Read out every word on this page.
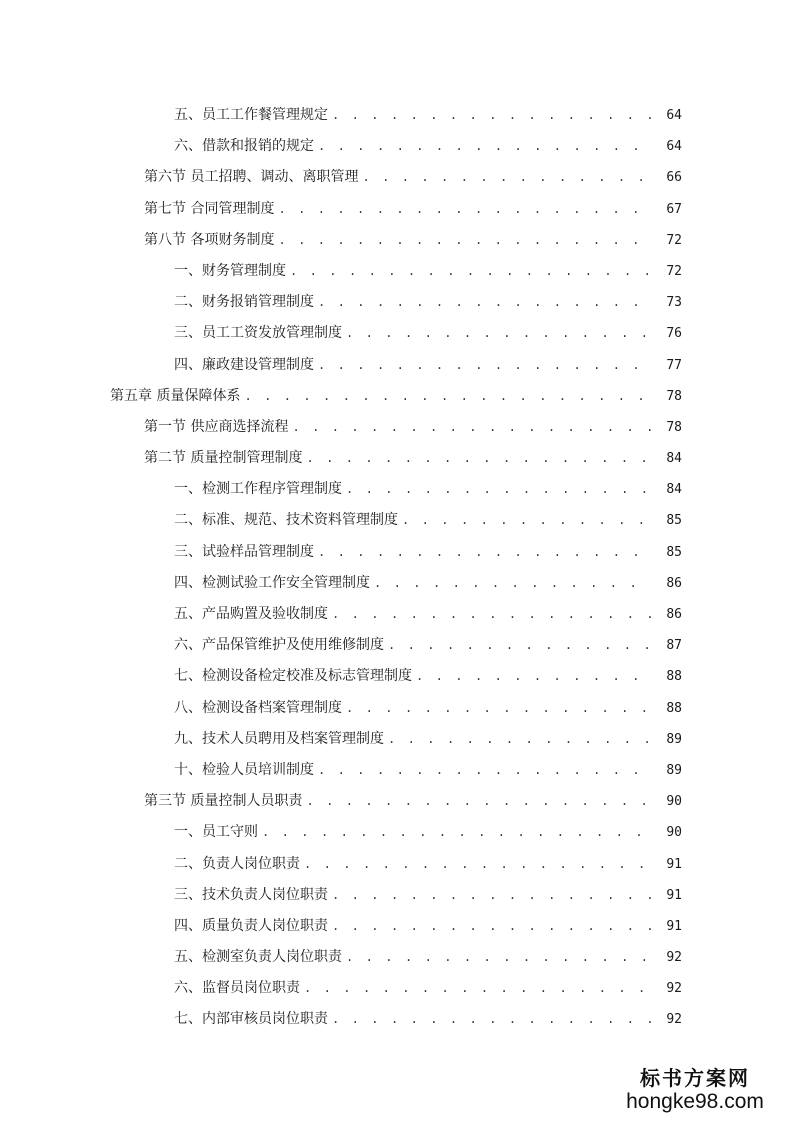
五、员工工作餐管理规定 . . .	64
六、借款和报销的规定 . . .	64
第六节 员工招聘、调动、离职管理 . . .	66
第七节 合同管理制度 . . .	67
第八节 各项财务制度 . . .	72
一、财务管理制度 . . .	72
二、财务报销管理制度 . . .	73
三、员工工资发放管理制度 . . .	76
四、廉政建设管理制度 . . .	77
第五章 质量保障体系 . . .	78
第一节 供应商选择流程 . . .	78
第二节 质量控制管理制度 . . .	84
一、检测工作程序管理制度 . . .	84
二、标准、规范、技术资料管理制度 . . .	85
三、试验样品管理制度 . . .	85
四、检测试验工作安全管理制度 . . .	86
五、产品购置及验收制度 . . .	86
六、产品保管维护及使用维修制度 . . .	87
七、检测设备检定校准及标志管理制度 . . .	88
八、检测设备档案管理制度 . . .	88
九、技术人员聘用及档案管理制度 . . .	89
十、检验人员培训制度 . . .	89
第三节 质量控制人员职责 . . .	90
一、员工守则 . . .	90
二、负责人岗位职责 . . .	91
三、技术负责人岗位职责 . . .	91
四、质量负责人岗位职责 . . .	91
五、检测室负责人岗位职责 . . .	92
六、监督员岗位职责 . . .	92
七、内部审核员岗位职责 . . .	92
标书方案网
hongke98.com
